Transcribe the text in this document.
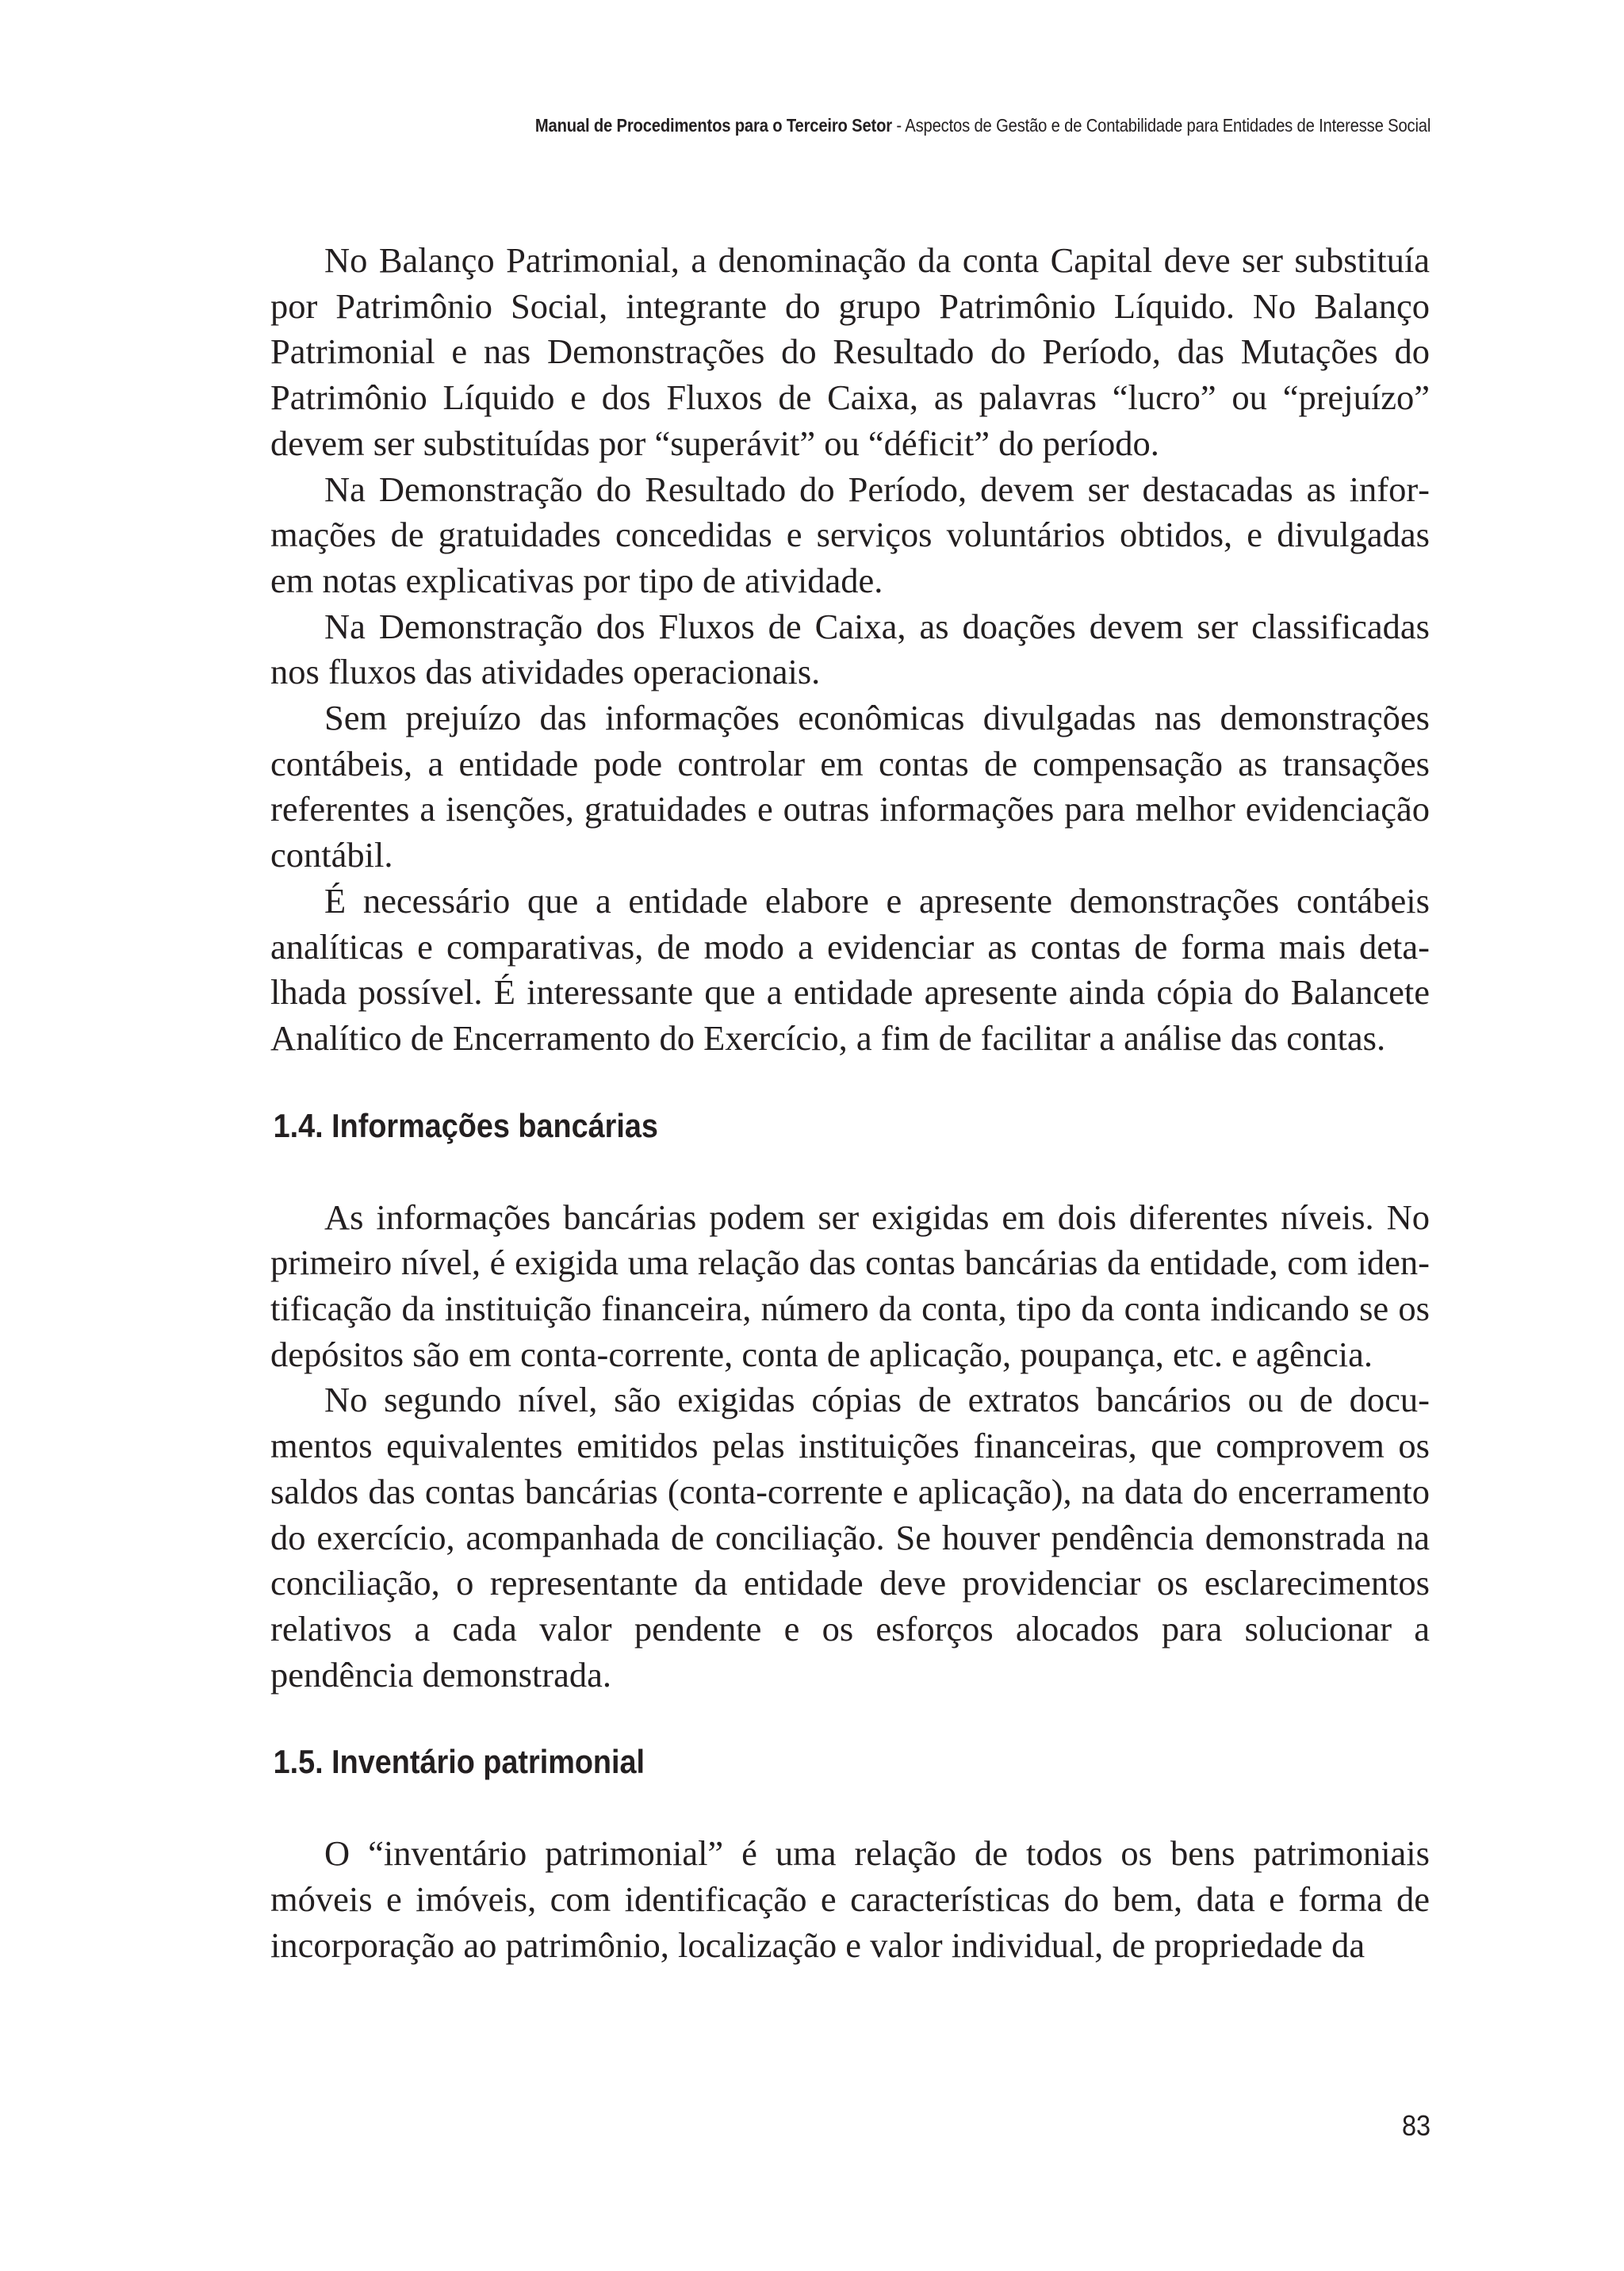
Manual de Procedimentos para o Terceiro Setor - Aspectos de Gestão e de Contabilidade para Entidades de Interesse Social

No Balanço Patrimonial, a denominação da conta Capital deve ser substituía por Patrimônio Social, integrante do grupo Patrimônio Líquido. No Balanço Patrimonial e nas Demonstrações do Resultado do Período, das Mutações do Patrimônio Líquido e dos Fluxos de Caixa, as palavras “lucro” ou “prejuízo” devem ser substituídas por “superávit” ou “déficit” do período.

Na Demonstração do Resultado do Período, devem ser destacadas as informações de gratuidades concedidas e serviços voluntários obtidos, e divulgadas em notas explicativas por tipo de atividade.

Na Demonstração dos Fluxos de Caixa, as doações devem ser classificadas nos fluxos das atividades operacionais.

Sem prejuízo das informações econômicas divulgadas nas demonstrações contábeis, a entidade pode controlar em contas de compensação as transações referentes a isenções, gratuidades e outras informações para melhor evidenciação contábil.

É necessário que a entidade elabore e apresente demonstrações contábeis analíticas e comparativas, de modo a evidenciar as contas de forma mais detalhada possível. É interessante que a entidade apresente ainda cópia do Balancete Analítico de Encerramento do Exercício, a fim de facilitar a análise das contas.

1.4. Informações bancárias

As informações bancárias podem ser exigidas em dois diferentes níveis. No primeiro nível, é exigida uma relação das contas bancárias da entidade, com identificação da instituição financeira, número da conta, tipo da conta indicando se os depósitos são em conta-corrente, conta de aplicação, poupança, etc. e agência.

No segundo nível, são exigidas cópias de extratos bancários ou de documentos equivalentes emitidos pelas instituições financeiras, que comprovem os saldos das contas bancárias (conta-corrente e aplicação), na data do encerramento do exercício, acompanhada de conciliação. Se houver pendência demonstrada na conciliação, o representante da entidade deve providenciar os esclarecimentos relativos a cada valor pendente e os esforços alocados para solucionar a pendência demonstrada.

1.5. Inventário patrimonial

O “inventário patrimonial” é uma relação de todos os bens patrimoniais móveis e imóveis, com identificação e características do bem, data e forma de incorporação ao patrimônio, localização e valor individual, de propriedade da

83
